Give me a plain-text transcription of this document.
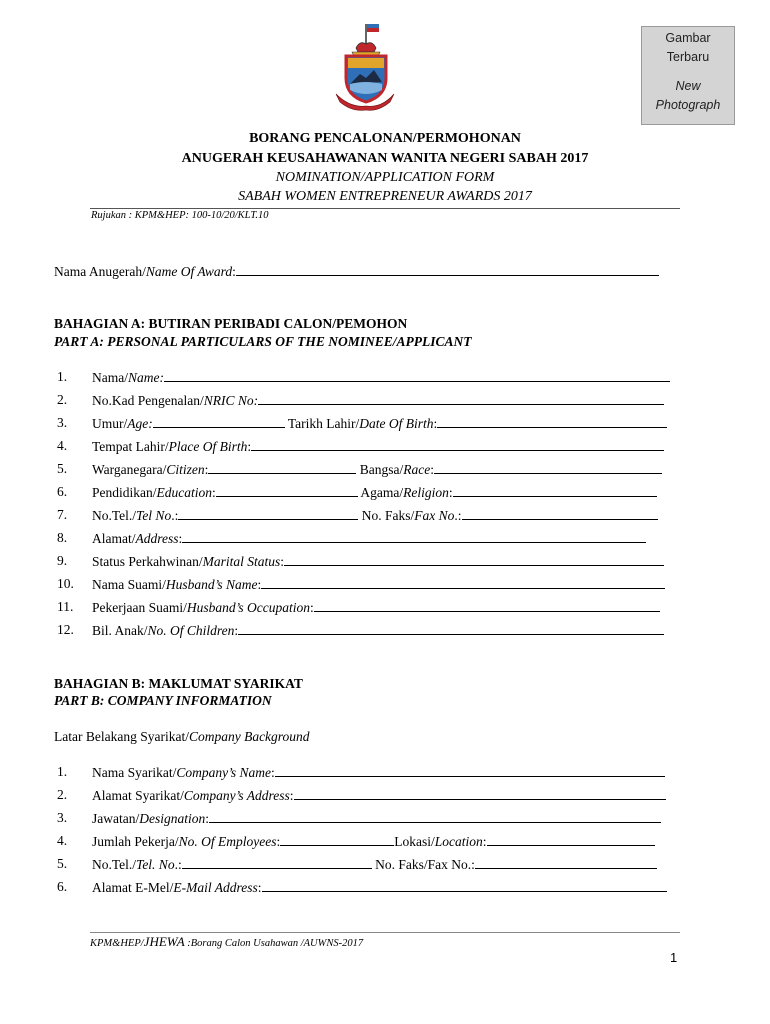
Gambar
Terbaru
New
Photograph
BORANG PENCALONAN/PERMOHONAN
ANUGERAH KEUSAHAWANAN WANITA NEGERI SABAH 2017
NOMINATION/APPLICATION FORM
SABAH WOMEN ENTREPRENEUR AWARDS 2017
Rujukan : KPM&HEP: 100-10/20/KLT.10
Nama Anugerah/Name Of Award:
BAHAGIAN A: BUTIRAN PERIBADI CALON/PEMOHON
PART A: PERSONAL PARTICULARS OF THE NOMINEE/APPLICANT
1. Nama/Name:
2. No.Kad Pengenalan/NRIC No:
3. Umur/Age:	Tarikh Lahir/Date Of Birth:
4. Tempat Lahir/Place Of Birth:
5. Warganegara/Citizen:	Bangsa/Race:
6. Pendidikan/Education:	Agama/Religion:
7. No.Tel./Tel No.:	No. Faks/Fax No.:
8. Alamat/Address:
9. Status Perkahwinan/Marital Status:
10. Nama Suami/Husband’s Name:
11. Pekerjaan Suami/Husband’s Occupation:
12. Bil. Anak/No. Of Children:
BAHAGIAN B: MAKLUMAT SYARIKAT
PART B: COMPANY INFORMATION
Latar Belakang Syarikat/Company Background
1. Nama Syarikat/Company’s Name:
2. Alamat Syarikat/Company’s Address:
3. Jawatan/Designation:
4. Jumlah Pekerja/No. Of Employees:	Lokasi/Location:
5. No.Tel./Tel. No.:	No. Faks/Fax No.:
6. Alamat E-Mel/E-Mail Address:
KPM&HEP/JHEWA :Borang Calon Usahawan /AUWNS-2017
1
